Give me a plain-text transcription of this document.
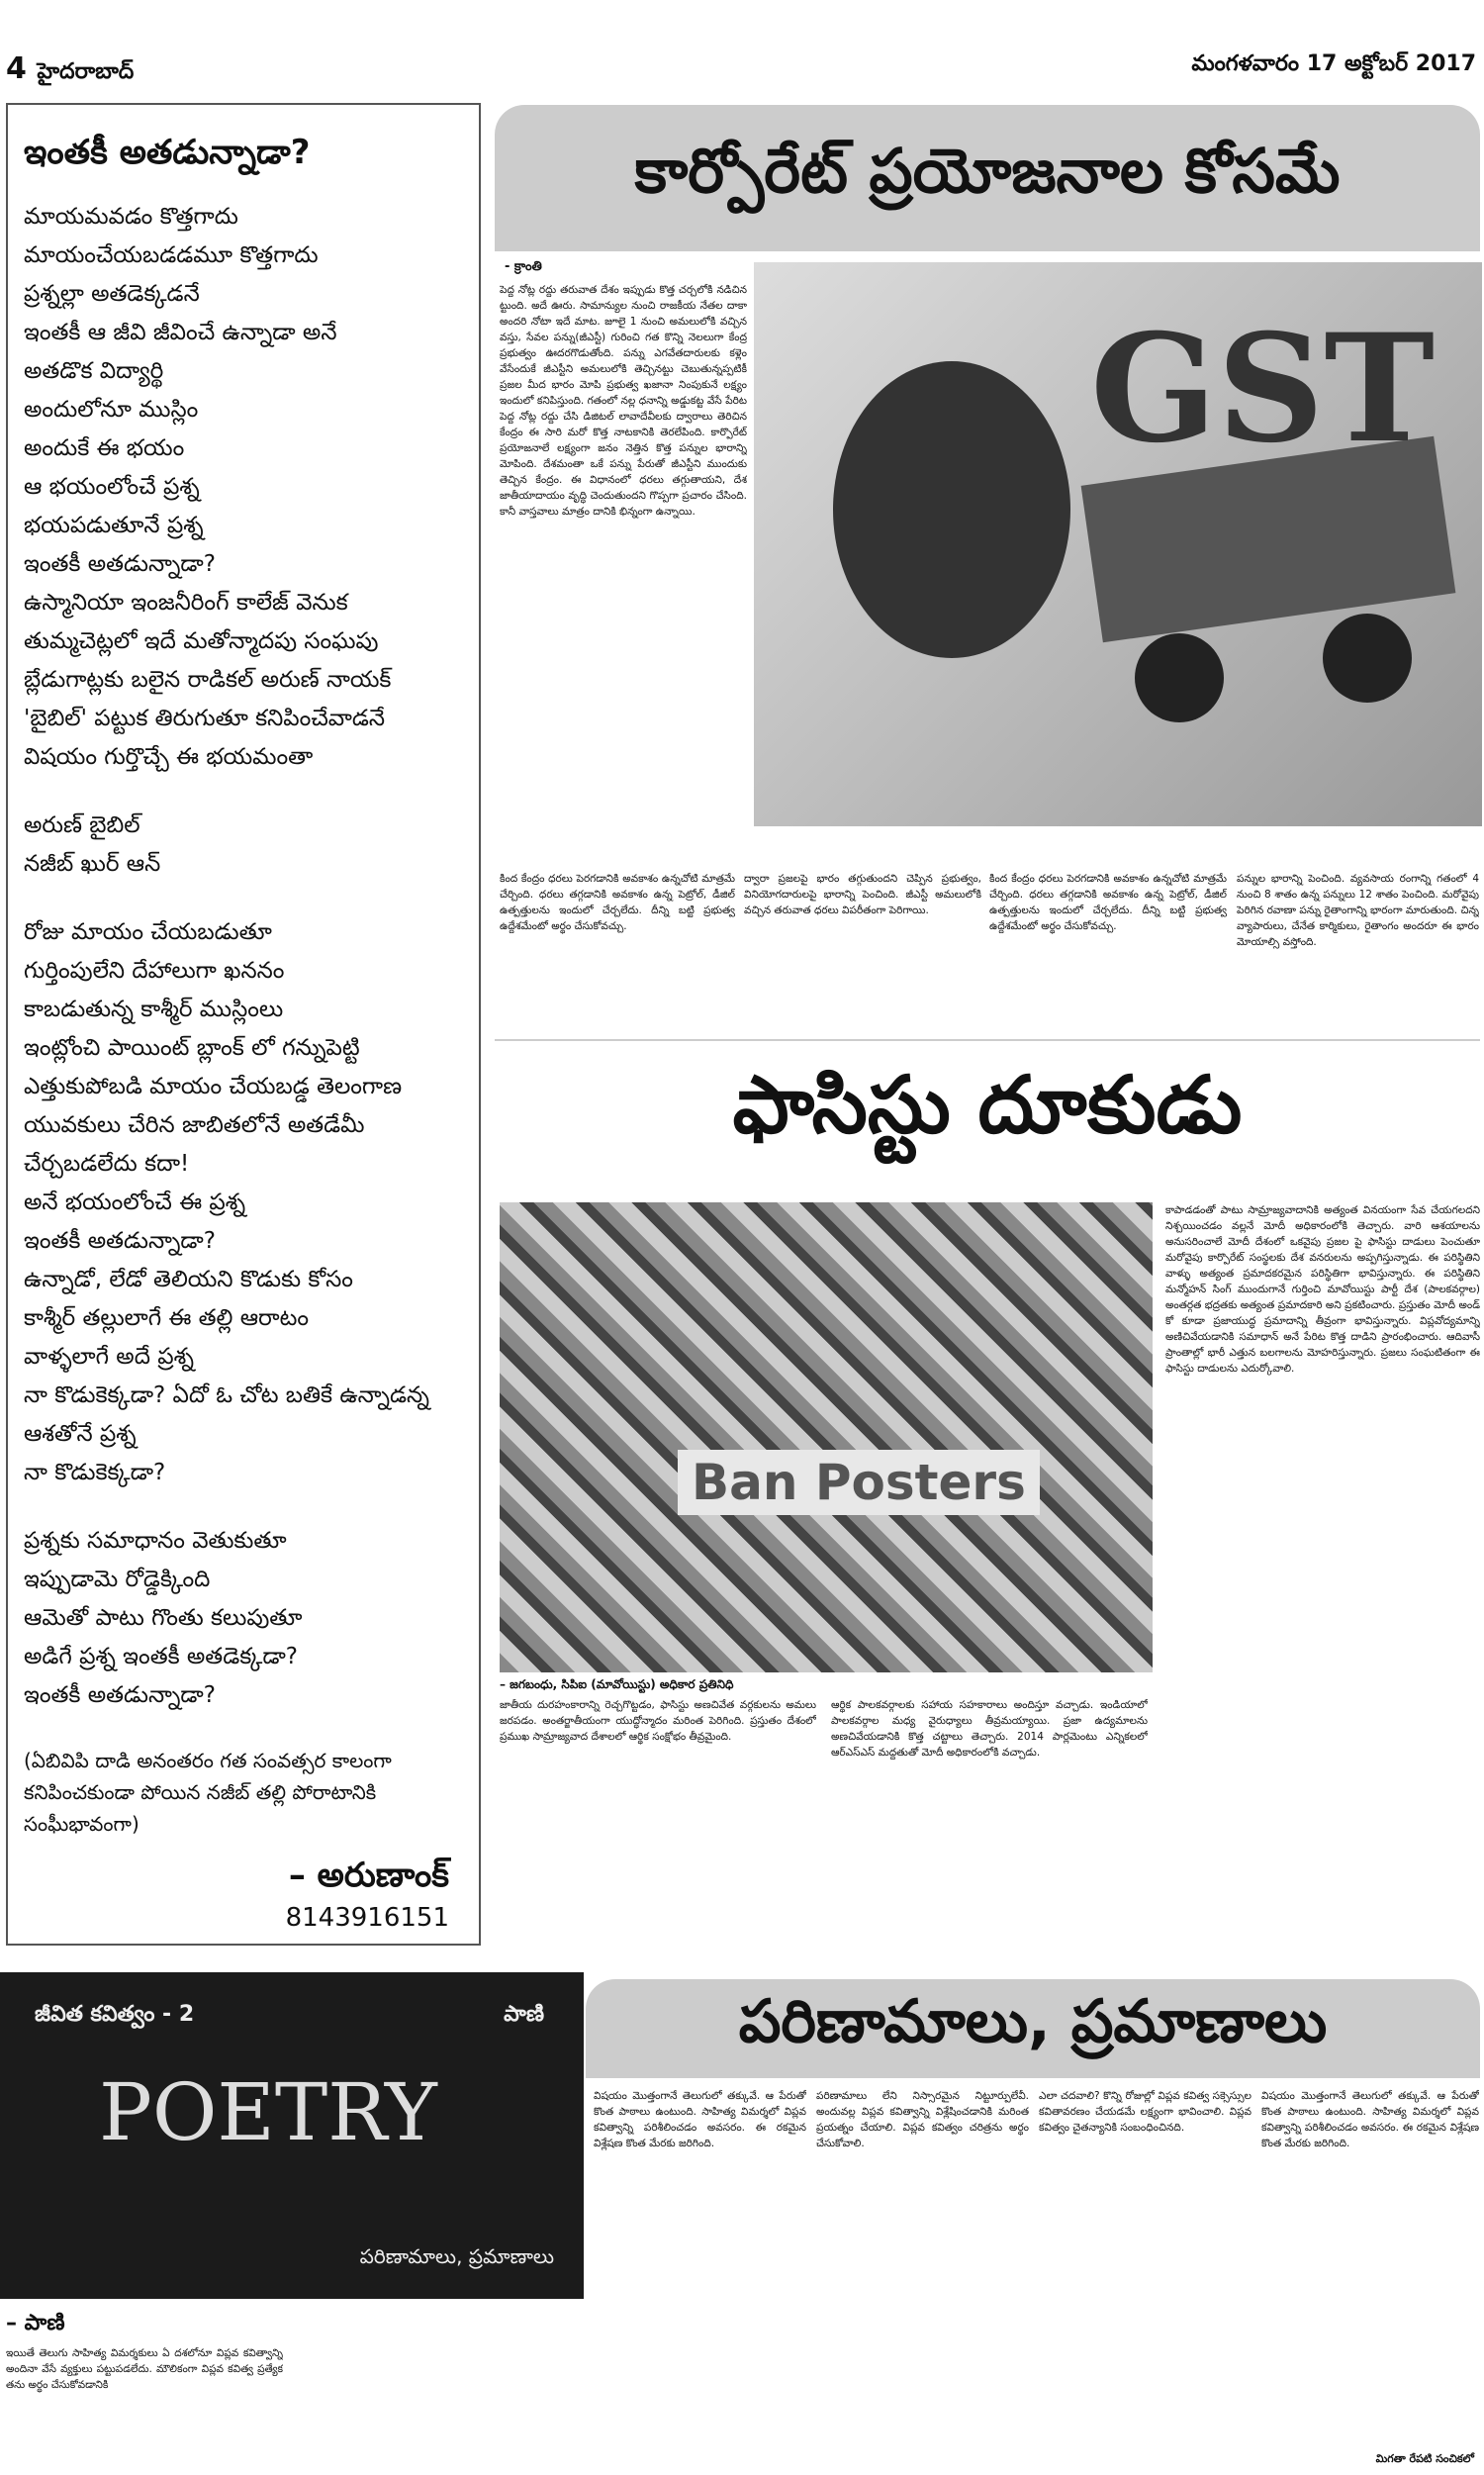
4 హైదరాబాద్	మంగళవారం 17 అక్టోబర్ 2017
ఇంతకీ అతడున్నాడా?
మాయమవడం కొత్తగాదు
మాయంచేయబడడమూ కొత్తగాదు
ప్రశ్నల్లా అతడెక్కడనే
ఇంతకీ ఆ జీవి జీవించే ఉన్నాడా అనే
అతడొక విద్యార్థి
అందులోనూ ముస్లిం
అందుకే ఈ భయం
ఆ భయంలోంచే ప్రశ్న
భయపడుతూనే ప్రశ్న
ఇంతకీ అతడున్నాడా?
ఉస్మానియా ఇంజనీరింగ్ కాలేజ్ వెనుక
తుమ్మచెట్లలో ఇదే మతోన్మాదపు సంఘపు
బ్లేడుగాట్లకు బలైన రాడికల్ అరుణ్ నాయక్
'బైబిల్' పట్టుక తిరుగుతూ కనిపించేవాడనే
విషయం గుర్తొచ్చే ఈ భయమంతా
అరుణ్ బైబిల్
నజీబ్ ఖుర్ ఆన్
రోజు మాయం చేయబడుతూ
గుర్తింపులేని దేహాలుగా ఖననం
కాబడుతున్న కాశ్మీర్ ముస్లింలు
ఇంట్లోంచి పాయింట్ బ్లాంక్ లో గన్నుపెట్టి
ఎత్తుకుపోబడి మాయం చేయబడ్డ తెలంగాణ
యువకులు చేరిన జాబితలోనే అతడేమీ
చేర్చబడలేదు కదా!
అనే భయంలోంచే ఈ ప్రశ్న
ఇంతకీ అతడున్నాడా?
ఉన్నాడో, లేడో తెలియని కొడుకు కోసం
కాశ్మీర్ తల్లులాగే ఈ తల్లి ఆరాటం
వాళ్ళలాగే అదే ప్రశ్న
నా కొడుకెక్కడా? ఏదో ఓ చోట బతికే ఉన్నాడన్న
ఆశతోనే ప్రశ్న
నా కొడుకెక్కడా?
ప్రశ్నకు సమాధానం వెతుకుతూ
ఇప్పుడామె రోడ్డెక్కింది
ఆమెతో పాటు గొంతు కలుపుతూ
అడిగే ప్రశ్న ఇంతకీ అతడెక్కడా?
ఇంతకీ అతడున్నాడా?
(ఏబివిపి దాడి అనంతరం గత సంవత్సర కాలంగా కనిపించకుండా పోయిన నజీబ్ తల్లి పోరాటానికి సంఘీభావంగా)
– అరుణాంక్
8143916151
కార్పోరేట్ ప్రయోజనాల కోసమే
- క్రాంతి
పెద్ద నోట్ల రద్దు తరువాత దేశం ఇప్పుడు కొత్త చర్చలోకి నడిచిన ట్టుంది. అదే ఊరు. సామాన్యుల నుంచి రాజకీయ నేతల దాకా అందరి నోటా ఇదే మాట. జూలై 1 నుంచి అమలులోకి వచ్చిన వస్తు, సేవల పన్ను(జీఎస్టీ) గురించి గత కొన్ని నెలలుగా కేంద్ర ప్రభుత్వం ఊదరగొడుతోంది. పన్ను ఎగవేతదారులకు కళ్లెం వేసేందుకే జీఎస్టీని అమలులోకి తెచ్చినట్టు చెబుతున్నప్పటికీ ప్రజల మీద భారం మోపి ప్రభుత్వ ఖజానా నింపుకునే లక్ష్యం ఇందులో కనిపిస్తుంది. గతంలో నల్ల ధనాన్ని అడ్డుకట్ట వేసే పేరిట పెద్ద నోట్ల రద్దు చేసి డిజిటల్ లావాదేవీలకు ద్వారాలు తెరిచిన కేంద్రం ఈ సారి మరో కొత్త నాటకానికి తెరలేపింది. కార్పొరేట్ ప్రయోజనాలే లక్ష్యంగా జనం నెత్తిన కొత్త పన్నుల భారాన్ని మోపింది. దేశమంతా ఒకే పన్ను పేరుతో జీఎస్టీని ముందుకు తెచ్చిన కేంద్రం. ఈ విధానంలో ధరలు తగ్గుతాయని, దేశ జాతీయాదాయం వృద్ధి చెందుతుందని గొప్పగా ప్రచారం చేసింది. కానీ వాస్తవాలు మాత్రం దానికి భిన్నంగా ఉన్నాయి.
GST
కింద కేంద్రం ధరలు పెరగడానికి అవకాశం ఉన్నచోటి మాత్రమే చేర్చింది. ధరలు తగ్గడానికి అవకాశం ఉన్న పెట్రోల్, డీజిల్ ఉత్పత్తులను ఇందులో చేర్చలేదు. దీన్ని బట్టి ప్రభుత్వ ఉద్దేశమేంటో అర్థం చేసుకోవచ్చు.
ద్వారా ప్రజలపై భారం తగ్గుతుందని చెప్పిన ప్రభుత్వం, వినియోగదారులపై భారాన్ని పెంచింది. జీఎస్టీ అమలులోకి వచ్చిన తరువాత ధరలు విపరీతంగా పెరిగాయి.
కింద కేంద్రం ధరలు పెరగడానికి అవకాశం ఉన్నచోటి మాత్రమే చేర్చింది. ధరలు తగ్గడానికి అవకాశం ఉన్న పెట్రోల్, డీజిల్ ఉత్పత్తులను ఇందులో చేర్చలేదు. దీన్ని బట్టి ప్రభుత్వ ఉద్దేశమేంటో అర్థం చేసుకోవచ్చు.
పన్నుల భారాన్ని పెంచింది. వ్యవసాయ రంగాన్ని గతంలో 4 నుంచి 8 శాతం ఉన్న పన్నులు 12 శాతం పెంచింది. మరోవైపు పెరిగిన రవాణా పన్ను రైతాంగాన్ని భారంగా మారుతుంది. చిన్న వ్యాపారులు, చేనేత కార్మికులు, రైతాంగం అందరూ ఈ భారం మోయాల్సి వస్తోంది.
ఫాసిస్టు దూకుడు
Ban Posters
కాపాడడంతో పాటు సామ్రాజ్యవాదానికి అత్యంత వినయంగా సేవ చేయగలదని నిశ్చయించడం వల్లనే మోదీ అధికారంలోకి తెచ్చారు. వారి ఆశయాలను అనుసరించాలే మోదీ దేశంలో ఒకవైపు ప్రజల పై ఫాసిస్టు దాడులు పెంచుతూ మరోవైపు కార్పొరేట్ సంస్థలకు దేశ వనరులను అప్పగిస్తున్నాడు. ఈ పరిస్థితిని వాళ్ళు అత్యంత ప్రమాదకరమైన పరిస్థితిగా భావిస్తున్నారు. ఈ పరిస్థితిని మన్మోహన్ సింగ్ ముందుగానే గుర్తించి మావోయిస్టు పార్టీ దేశ (పాలకవర్గాల) అంతర్గత భద్రతకు అత్యంత ప్రమాదకారి అని ప్రకటించారు. ప్రస్తుతం మోదీ అండ్ కో కూడా ప్రజాయుద్ధ ప్రమాదాన్ని తీవ్రంగా భావిస్తున్నారు. విప్లవోద్యమాన్ని అణిచివేయడానికి సమాధాన్ అనే పేరిట కొత్త దాడిని ప్రారంభించారు. ఆదివాసీ ప్రాంతాల్లో భారీ ఎత్తున బలగాలను మోహరిస్తున్నారు. ప్రజలు సంఘటితంగా ఈ ఫాసిస్టు దాడులను ఎదుర్కోవాలి.
– జగబంధు, సిపిఐ (మావోయిస్టు) అధికార ప్రతినిధి
జాతీయ దురహంకారాన్ని రెచ్చగొట్టడం, ఫాసిస్టు అణచివేత వర్గకులను అమలు జరపడం. అంతర్జాతీయంగా యుద్ధోన్మాదం మరింత పెరిగింది. ప్రస్తుతం దేశంలో ప్రముఖ సామ్రాజ్యవాద దేశాలలో ఆర్థిక సంక్షోభం తీవ్రమైంది.
ఆర్థిక పాలకవర్గాలకు సహాయ సహకారాలు అందిస్తూ వచ్చాడు. ఇండియాలో పాలకవర్గాల మధ్య వైరుధ్యాలు తీవ్రమయ్యాయి. ప్రజా ఉద్యమాలను అణచివేయడానికి కొత్త చట్టాలు తెచ్చారు. 2014 పార్లమెంటు ఎన్నికలలో ఆర్ఎస్ఎస్ మద్దతుతో మోదీ అధికారంలోకి వచ్చాడు.
జీవిత కవిత్వం - 2	పాణి
POETRY
పరిణామాలు, ప్రమాణాలు
పరిణామాలు, ప్రమాణాలు
– పాణి
ఇయితే తెలుగు సాహిత్య విమర్శకులు ఏ దశలోనూ విప్లవ కవిత్వాన్ని అందినా వేసే వ్యక్తులు పట్టుపడలేదు. మౌలికంగా విప్లవ కవిత్వ ప్రత్యేక తను అర్థం చేసుకోవడానికి
విషయం మొత్తంగానే తెలుగులో తక్కువే. ఆ పేరుతో కొంత పాఠాలు ఉంటుంది. సాహిత్య విమర్శలో విప్లవ కవిత్వాన్ని పరిశీలించడం అవసరం. ఈ రకమైన విశ్లేషణ కొంత మేరకు జరిగింది.
పరిణామాలు లేని నిస్సారమైన నిట్టూర్పులేవీ. అందువల్ల విప్లవ కవిత్వాన్ని విశ్లేషించడానికి మరింత ప్రయత్నం చేయాలి. విప్లవ కవిత్వం చరిత్రను అర్థం చేసుకోవాలి.
ఎలా చదవాలి? కొన్ని రోజుల్లో విప్లవ కవిత్వ సక్సెస్సుల కవితావరణం చేయడమే లక్ష్యంగా భావించాలి. విప్లవ కవిత్వం చైతన్యానికి సంబంధించినది.
విషయం మొత్తంగానే తెలుగులో తక్కువే. ఆ పేరుతో కొంత పాఠాలు ఉంటుంది. సాహిత్య విమర్శలో విప్లవ కవిత్వాన్ని పరిశీలించడం అవసరం. ఈ రకమైన విశ్లేషణ కొంత మేరకు జరిగింది.
మిగతా రేపటి సంచికలో
